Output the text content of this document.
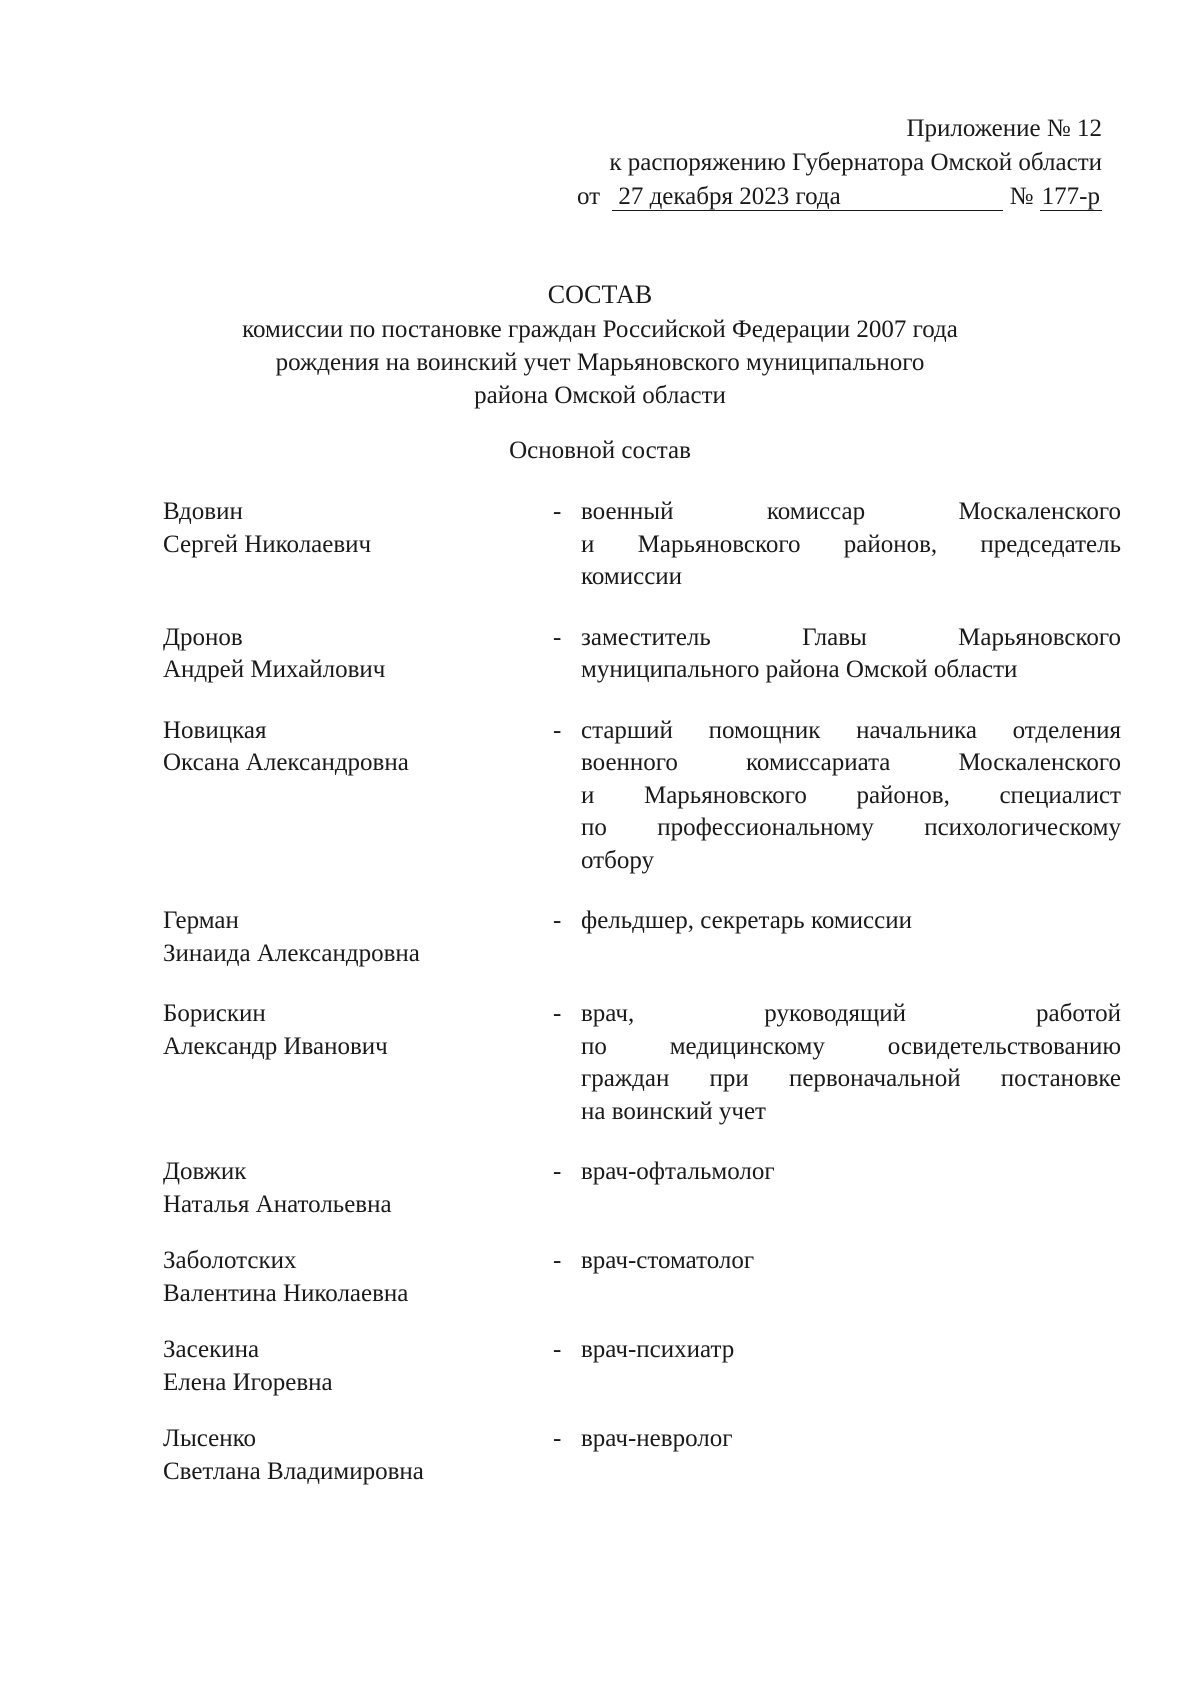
Приложение № 12
к распоряжению Губернатора Омской области
от 27 декабря 2023 года	№ 177-р
СОСТАВ
комиссии по постановке граждан Российской Федерации 2007 года
рождения на воинский учет Марьяновского муниципального
района Омской области
Основной состав
Вдовин
Сергей Николаевич
- военный комиссар Москаленского
и Марьяновского районов, председатель
комиссии
Дронов
Андрей Михайлович
- заместитель Главы Марьяновского
муниципального района Омской области
Новицкая
Оксана Александровна
- старший помощник начальника отделения
военного комиссариата Москаленского
и Марьяновского районов, специалист
по профессиональному психологическому
отбору
Герман
Зинаида Александровна
- фельдшер, секретарь комиссии
Борискин
Александр Иванович
- врач, руководящий работой
по медицинскому освидетельствованию
граждан при первоначальной постановке
на воинский учет
Довжик
Наталья Анатольевна
- врач-офтальмолог
Заболотских
Валентина Николаевна
- врач-стоматолог
Засекина
Елена Игоревна
- врач-психиатр
Лысенко
Светлана Владимировна
- врач-невролог
